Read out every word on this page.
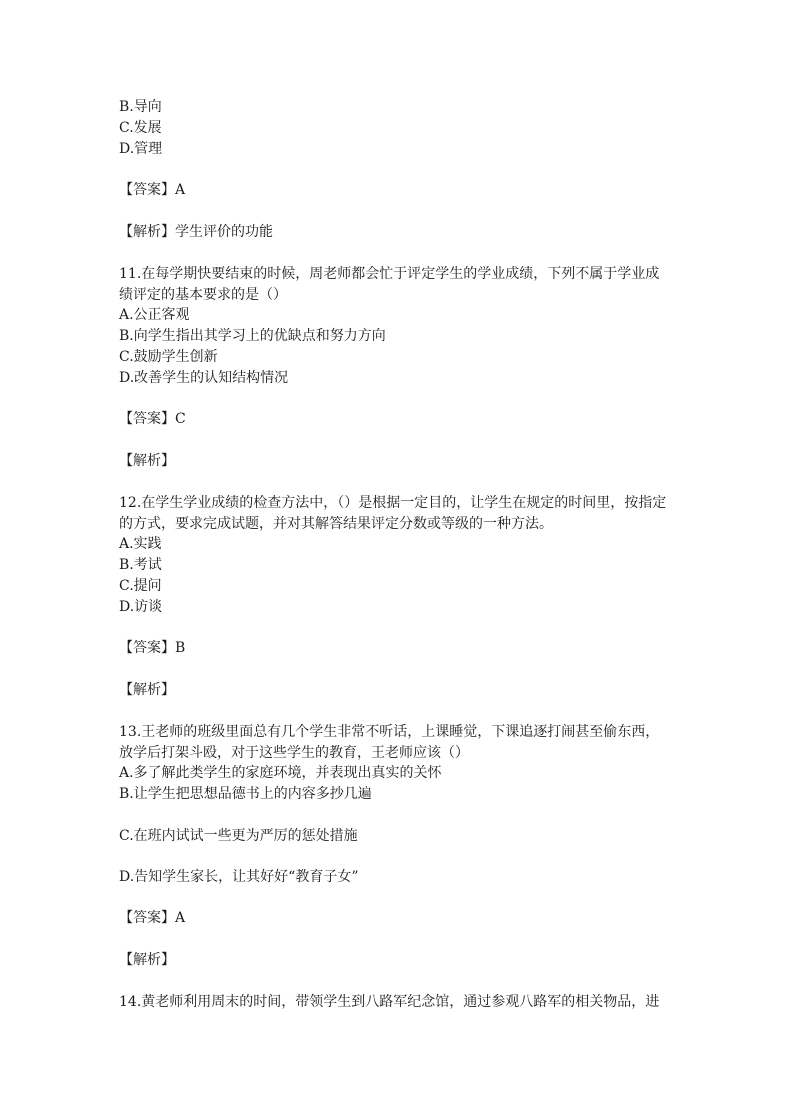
B.导向
C.发展
D.管理
【答案】A
【解析】学生评价的功能
11.在每学期快要结束的时候，周老师都会忙于评定学生的学业成绩，下列不属于学业成
绩评定的基本要求的是（）
A.公正客观
B.向学生指出其学习上的优缺点和努力方向
C.鼓励学生创新
D.改善学生的认知结构情况
【答案】C
【解析】
12.在学生学业成绩的检查方法中，（）是根据一定目的，让学生在规定的时间里，按指定
的方式，要求完成试题，并对其解答结果评定分数或等级的一种方法。
A.实践
B.考试
C.提问
D.访谈
【答案】B
【解析】
13.王老师的班级里面总有几个学生非常不听话，上课睡觉，下课追逐打闹甚至偷东西，
放学后打架斗殴，对于这些学生的教育，王老师应该（）
A.多了解此类学生的家庭环境，并表现出真实的关怀
B.让学生把思想品德书上的内容多抄几遍
C.在班内试试一些更为严厉的惩处措施
D.告知学生家长，让其好好“教育子女”
【答案】A
【解析】
14.黄老师利用周末的时间，带领学生到八路军纪念馆，通过参观八路军的相关物品，进
